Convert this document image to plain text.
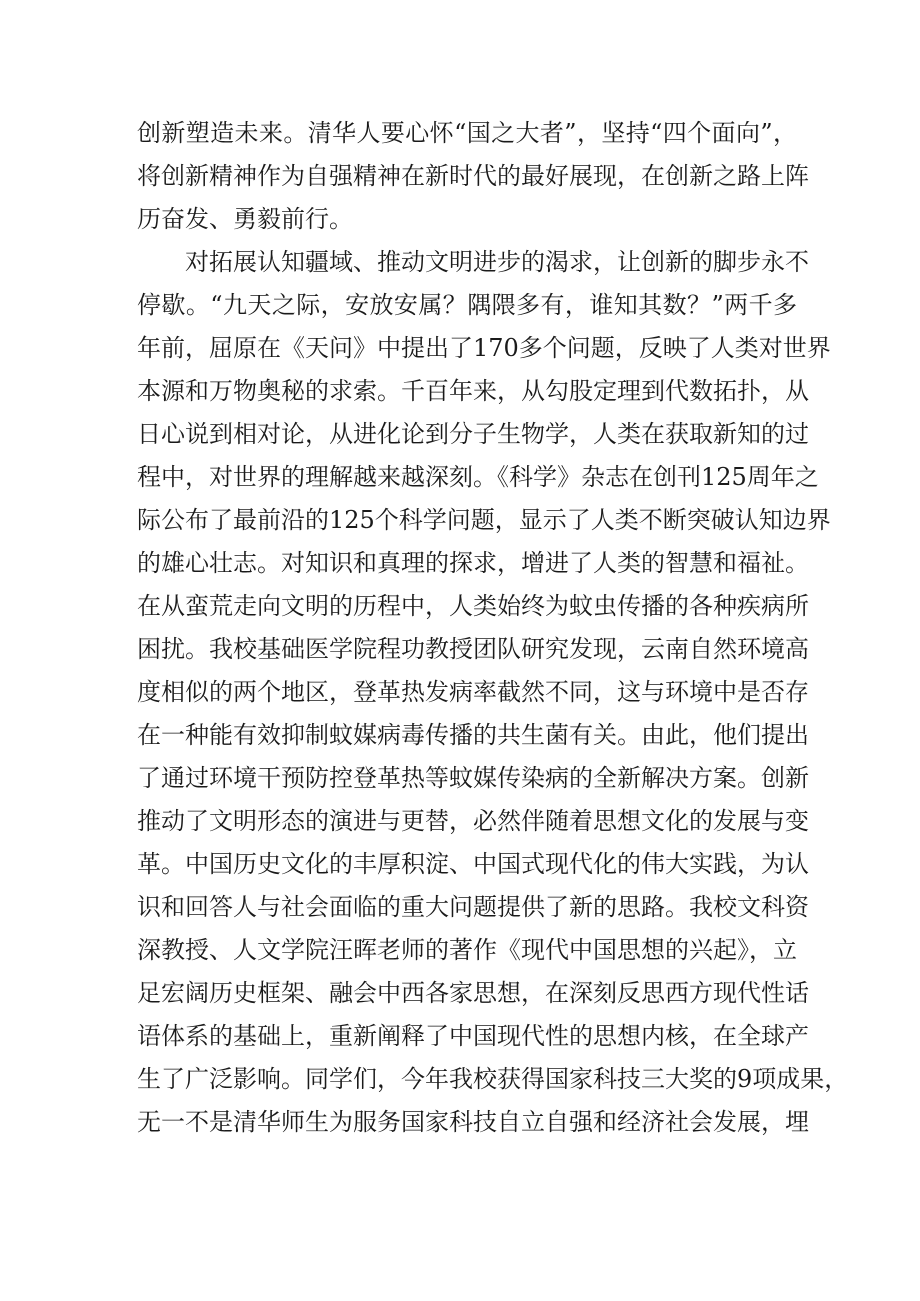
创新塑造未来。清华人要心怀“国之大者”，坚持“四个面向”，
将创新精神作为自强精神在新时代的最好展现，在创新之路上阵
历奋发、勇毅前行。
对拓展认知疆域、推动文明进步的渴求，让创新的脚步永不
停歇。“九天之际，安放安属？隅隈多有，谁知其数？”两千多
年前，屈原在《天问》中提出了170多个问题，反映了人类对世界
本源和万物奥秘的求索。千百年来，从勾股定理到代数拓扑，从
日心说到相对论，从进化论到分子生物学，人类在获取新知的过
程中，对世界的理解越来越深刻。《科学》杂志在创刊125周年之
际公布了最前沿的125个科学问题，显示了人类不断突破认知边界
的雄心壮志。对知识和真理的探求，增进了人类的智慧和福祉。
在从蛮荒走向文明的历程中，人类始终为蚊虫传播的各种疾病所
困扰。我校基础医学院程功教授团队研究发现，云南自然环境高
度相似的两个地区，登革热发病率截然不同，这与环境中是否存
在一种能有效抑制蚊媒病毒传播的共生菌有关。由此，他们提出
了通过环境干预防控登革热等蚊媒传染病的全新解决方案。创新
推动了文明形态的演进与更替，必然伴随着思想文化的发展与变
革。中国历史文化的丰厚积淀、中国式现代化的伟大实践，为认
识和回答人与社会面临的重大问题提供了新的思路。我校文科资
深教授、人文学院汪晖老师的著作《现代中国思想的兴起》，立
足宏阔历史框架、融会中西各家思想，在深刻反思西方现代性话
语体系的基础上，重新阐释了中国现代性的思想内核，在全球产
生了广泛影响。同学们，今年我校获得国家科技三大奖的9项成果，
无一不是清华师生为服务国家科技自立自强和经济社会发展，埋
